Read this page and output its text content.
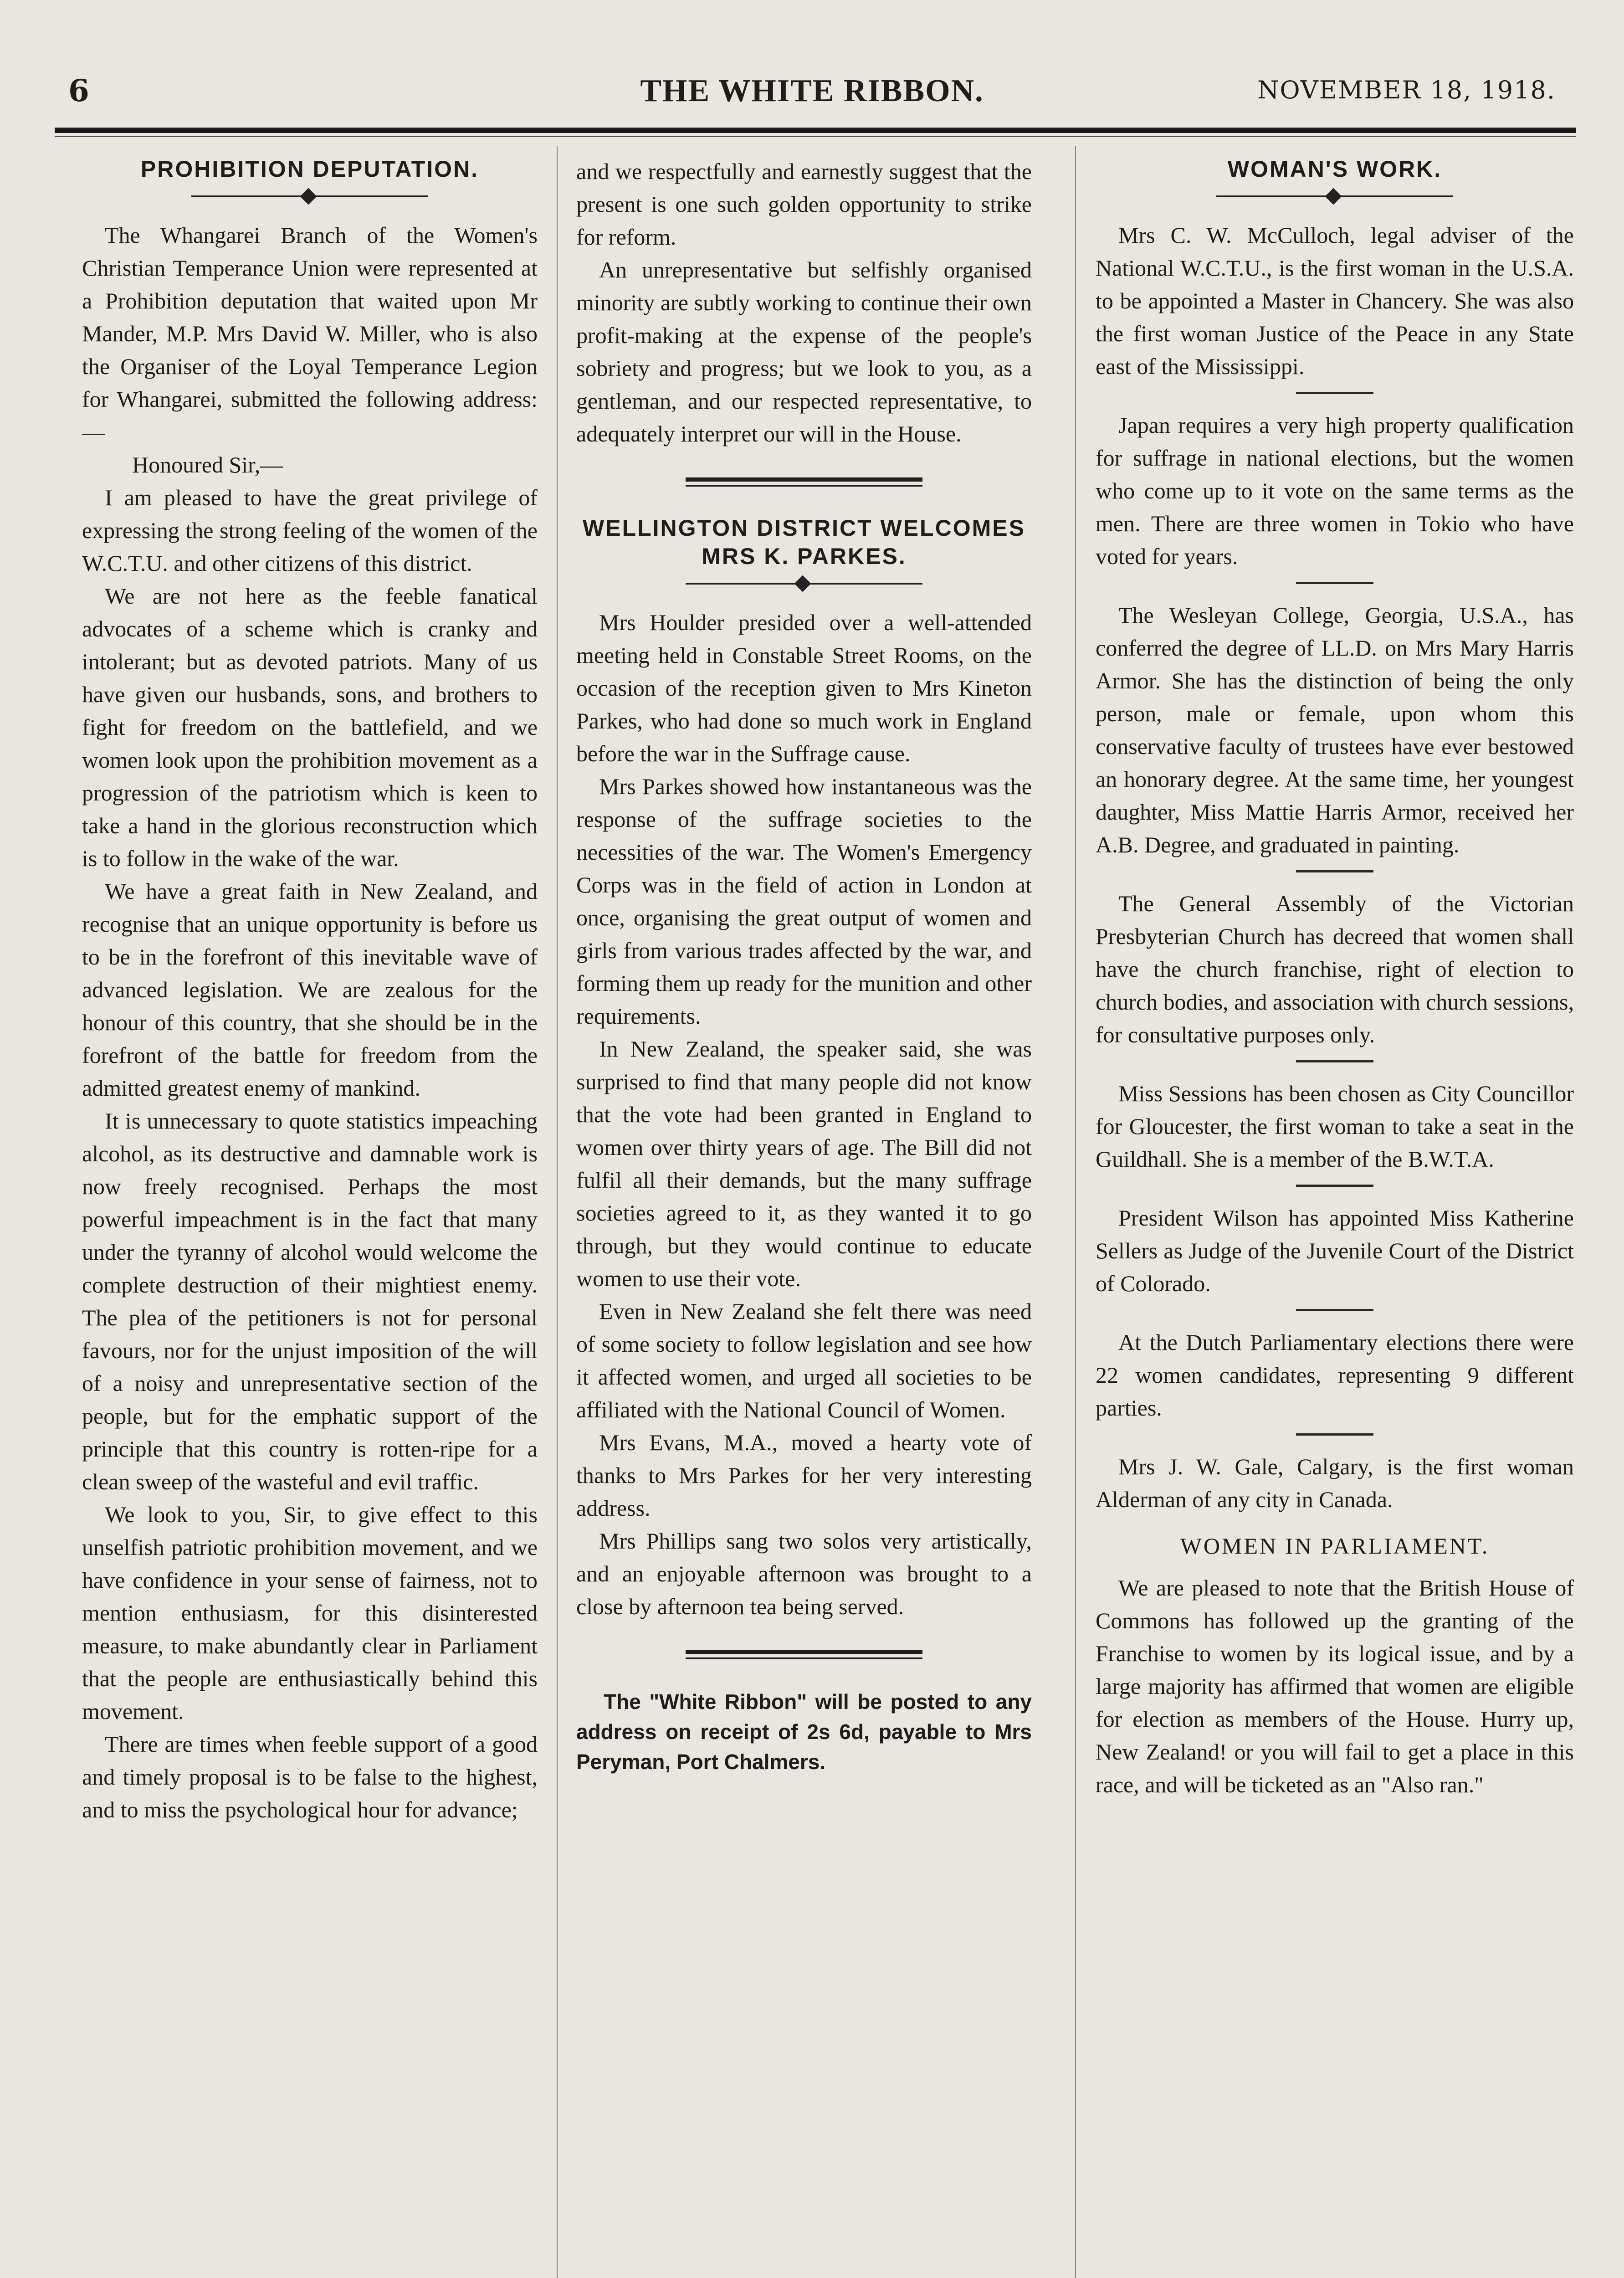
6	THE WHITE RIBBON.	NOVEMBER 18, 1918.
PROHIBITION DEPUTATION.

The Whangarei Branch of the Women's Christian Temperance Union were represented at a Prohibition deputation that waited upon Mr Mander, M.P. Mrs David W. Miller, who is also the Organiser of the Loyal Temperance Legion for Whangarei, submitted the following address:—

Honoured Sir,—

I am pleased to have the great privilege of expressing the strong feeling of the women of the W.C.T.U. and other citizens of this district.

We are not here as the feeble fanatical advocates of a scheme which is cranky and intolerant; but as devoted patriots. Many of us have given our husbands, sons, and brothers to fight for freedom on the battlefield, and we women look upon the prohibition movement as a progression of the patriotism which is keen to take a hand in the glorious reconstruction which is to follow in the wake of the war.

We have a great faith in New Zealand, and recognise that an unique opportunity is before us to be in the forefront of this inevitable wave of advanced legislation. We are zealous for the honour of this country, that she should be in the forefront of the battle for freedom from the admitted greatest enemy of mankind.

It is unnecessary to quote statistics impeaching alcohol, as its destructive and damnable work is now freely recognised. Perhaps the most powerful impeachment is in the fact that many under the tyranny of alcohol would welcome the complete destruction of their mightiest enemy. The plea of the petitioners is not for personal favours, nor for the unjust imposition of the will of a noisy and unrepresentative section of the people, but for the emphatic support of the principle that this country is rotten-ripe for a clean sweep of the wasteful and evil traffic.

We look to you, Sir, to give effect to this unselfish patriotic prohibition movement, and we have confidence in your sense of fairness, not to mention enthusiasm, for this disinterested measure, to make abundantly clear in Parliament that the people are enthusiastically behind this movement.

There are times when feeble support of a good and timely proposal is to be false to the highest, and to miss the psychological hour for advance;

and we respectfully and earnestly suggest that the present is one such golden opportunity to strike for reform.

An unrepresentative but selfishly organised minority are subtly working to continue their own profit-making at the expense of the people's sobriety and progress; but we look to you, as a gentleman, and our respected representative, to adequately interpret our will in the House.

WELLINGTON DISTRICT WELCOMES MRS K. PARKES.

Mrs Houlder presided over a well-attended meeting held in Constable Street Rooms, on the occasion of the reception given to Mrs Kineton Parkes, who had done so much work in England before the war in the Suffrage cause.

Mrs Parkes showed how instantaneous was the response of the suffrage societies to the necessities of the war. The Women's Emergency Corps was in the field of action in London at once, organising the great output of women and girls from various trades affected by the war, and forming them up ready for the munition and other requirements.

In New Zealand, the speaker said, she was surprised to find that many people did not know that the vote had been granted in England to women over thirty years of age. The Bill did not fulfil all their demands, but the many suffrage societies agreed to it, as they wanted it to go through, but they would continue to educate women to use their vote.

Even in New Zealand she felt there was need of some society to follow legislation and see how it affected women, and urged all societies to be affiliated with the National Council of Women.

Mrs Evans, M.A., moved a hearty vote of thanks to Mrs Parkes for her very interesting address.

Mrs Phillips sang two solos very artistically, and an enjoyable afternoon was brought to a close by afternoon tea being served.

The "White Ribbon" will be posted to any address on receipt of 2s 6d, payable to Mrs Peryman, Port Chalmers.

WOMAN'S WORK.

Mrs C. W. McCulloch, legal adviser of the National W.C.T.U., is the first woman in the U.S.A. to be appointed a Master in Chancery. She was also the first woman Justice of the Peace in any State east of the Mississippi.

Japan requires a very high property qualification for suffrage in national elections, but the women who come up to it vote on the same terms as the men. There are three women in Tokio who have voted for years.

The Wesleyan College, Georgia, U.S.A., has conferred the degree of LL.D. on Mrs Mary Harris Armor. She has the distinction of being the only person, male or female, upon whom this conservative faculty of trustees have ever bestowed an honorary degree. At the same time, her youngest daughter, Miss Mattie Harris Armor, received her A.B. Degree, and graduated in painting.

The General Assembly of the Victorian Presbyterian Church has decreed that women shall have the church franchise, right of election to church bodies, and association with church sessions, for consultative purposes only.

Miss Sessions has been chosen as City Councillor for Gloucester, the first woman to take a seat in the Guildhall. She is a member of the B.W.T.A.

President Wilson has appointed Miss Katherine Sellers as Judge of the Juvenile Court of the District of Colorado.

At the Dutch Parliamentary elections there were 22 women candidates, representing 9 different parties.

Mrs J. W. Gale, Calgary, is the first woman Alderman of any city in Canada.

WOMEN IN PARLIAMENT.

We are pleased to note that the British House of Commons has followed up the granting of the Franchise to women by its logical issue, and by a large majority has affirmed that women are eligible for election as members of the House. Hurry up, New Zealand! or you will fail to get a place in this race, and will be ticketed as an "Also ran."
